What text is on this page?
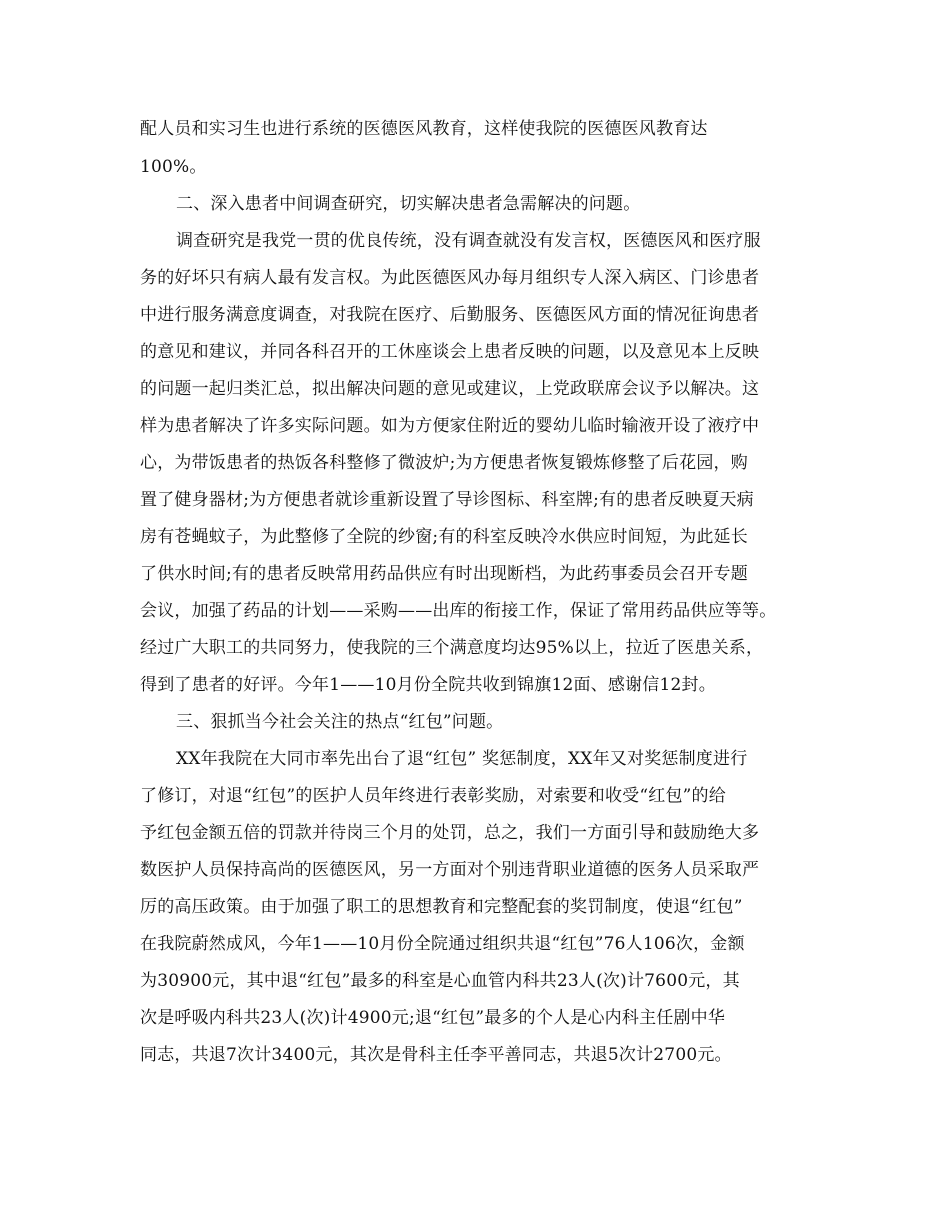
配人员和实习生也进行系统的医德医风教育，这样使我院的医德医风教育达

100%。

二、深入患者中间调查研究，切实解决患者急需解决的问题。

调查研究是我党一贯的优良传统，没有调查就没有发言权，医德医风和医疗服

务的好坏只有病人最有发言权。为此医德医风办每月组织专人深入病区、门诊患者

中进行服务满意度调查，对我院在医疗、后勤服务、医德医风方面的情况征询患者

的意见和建议，并同各科召开的工休座谈会上患者反映的问题，以及意见本上反映

的问题一起归类汇总，拟出解决问题的意见或建议，上党政联席会议予以解决。这

样为患者解决了许多实际问题。如为方便家住附近的婴幼儿临时输液开设了液疗中

心，为带饭患者的热饭各科整修了微波炉;为方便患者恢复锻炼修整了后花园，购

置了健身器材;为方便患者就诊重新设置了导诊图标、科室牌;有的患者反映夏天病

房有苍蝇蚊子，为此整修了全院的纱窗;有的科室反映冷水供应时间短，为此延长

了供水时间;有的患者反映常用药品供应有时出现断档，为此药事委员会召开专题

会议，加强了药品的计划——采购——出库的衔接工作，保证了常用药品供应等等。

经过广大职工的共同努力，使我院的三个满意度均达95%以上，拉近了医患关系，

得到了患者的好评。今年1——10月份全院共收到锦旗12面、感谢信12封。

三、狠抓当今社会关注的热点“红包”问题。

XX年我院在大同市率先出台了退“红包” 奖惩制度，XX年又对奖惩制度进行

了修订，对退“红包”的医护人员年终进行表彰奖励，对索要和收受“红包”的给

予红包金额五倍的罚款并待岗三个月的处罚，总之，我们一方面引导和鼓励绝大多

数医护人员保持高尚的医德医风，另一方面对个别违背职业道德的医务人员采取严

厉的高压政策。由于加强了职工的思想教育和完整配套的奖罚制度，使退“红包”

在我院蔚然成风，今年1——10月份全院通过组织共退“红包”76人106次，金额

为30900元，其中退“红包”最多的科室是心血管内科共23人(次)计7600元，其

次是呼吸内科共23人(次)计4900元;退“红包”最多的个人是心内科主任剧中华

同志，共退7次计3400元，其次是骨科主任李平善同志，共退5次计2700元。
